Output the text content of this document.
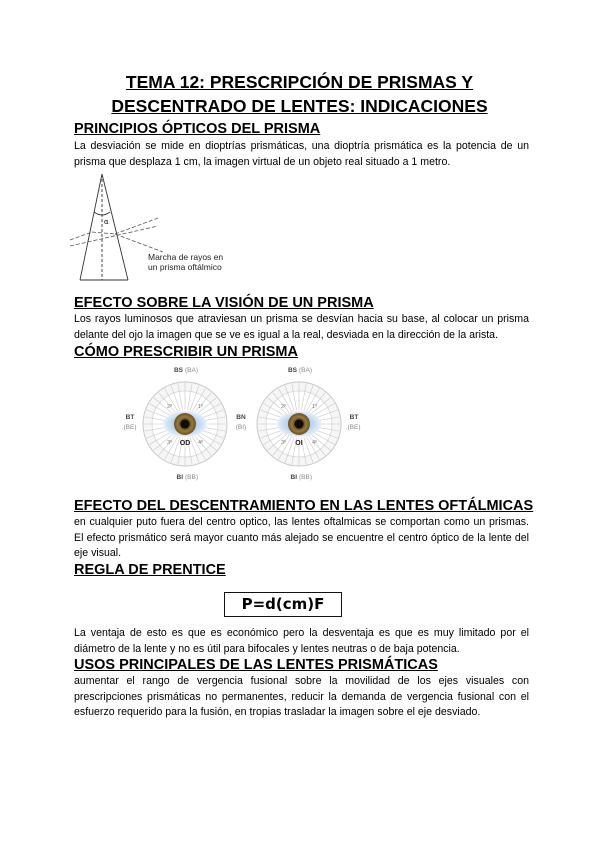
TEMA 12: PRESCRIPCIÓN DE PRISMAS Y
DESCENTRADO DE LENTES: INDICACIONES
PRINCIPIOS ÓPTICOS DEL PRISMA

La desviación se mide en dioptrías prismáticas, una dioptría prismática es la potencia de un prisma que desplaza 1 cm, la imagen virtual de un objeto real situado a 1 metro.

α
Marcha de rayos en
un prisma oftálmico
EFECTO SOBRE LA VISIÓN DE UN PRISMA

Los rayos luminosos que atraviesan un prisma se desvían hacia su base, al colocar un prisma delante del ojo la imagen que se ve es igual a la real, desviada en la dirección de la arista.

CÓMO PRESCRIBIR UN PRISMA
BS (BA)
2º	1º
3º	4º
OD
BT
(BE)
BI (BB)
BN
(BI)
BS (BA)
2º	1º
3º	4º
OI
BT
(BE)
BI (BB)
EFECTO DEL DESCENTRAMIENTO EN LAS LENTES OFTÁLMICAS

en cualquier puto fuera del centro optico, las lentes oftalmicas se comportan como un prismas. El efecto prismático será mayor cuanto más alejado se encuentre el centro óptico de la lente del eje visual.

REGLA DE PRENTICE
P=d(cm)F

La ventaja de esto es que es económico pero la desventaja es que es muy limitado por el diámetro de la lente y no es útil para bifocales y lentes neutras o de baja potencia.

USOS PRINCIPALES DE LAS LENTES PRISMÁTICAS

aumentar el rango de vergencia fusional sobre la movilidad de los ejes visuales con prescripciones prismáticas no permanentes, reducir la demanda de vergencia fusional con el esfuerzo requerido para la fusión, en tropias trasladar la imagen sobre el eje desviado.
